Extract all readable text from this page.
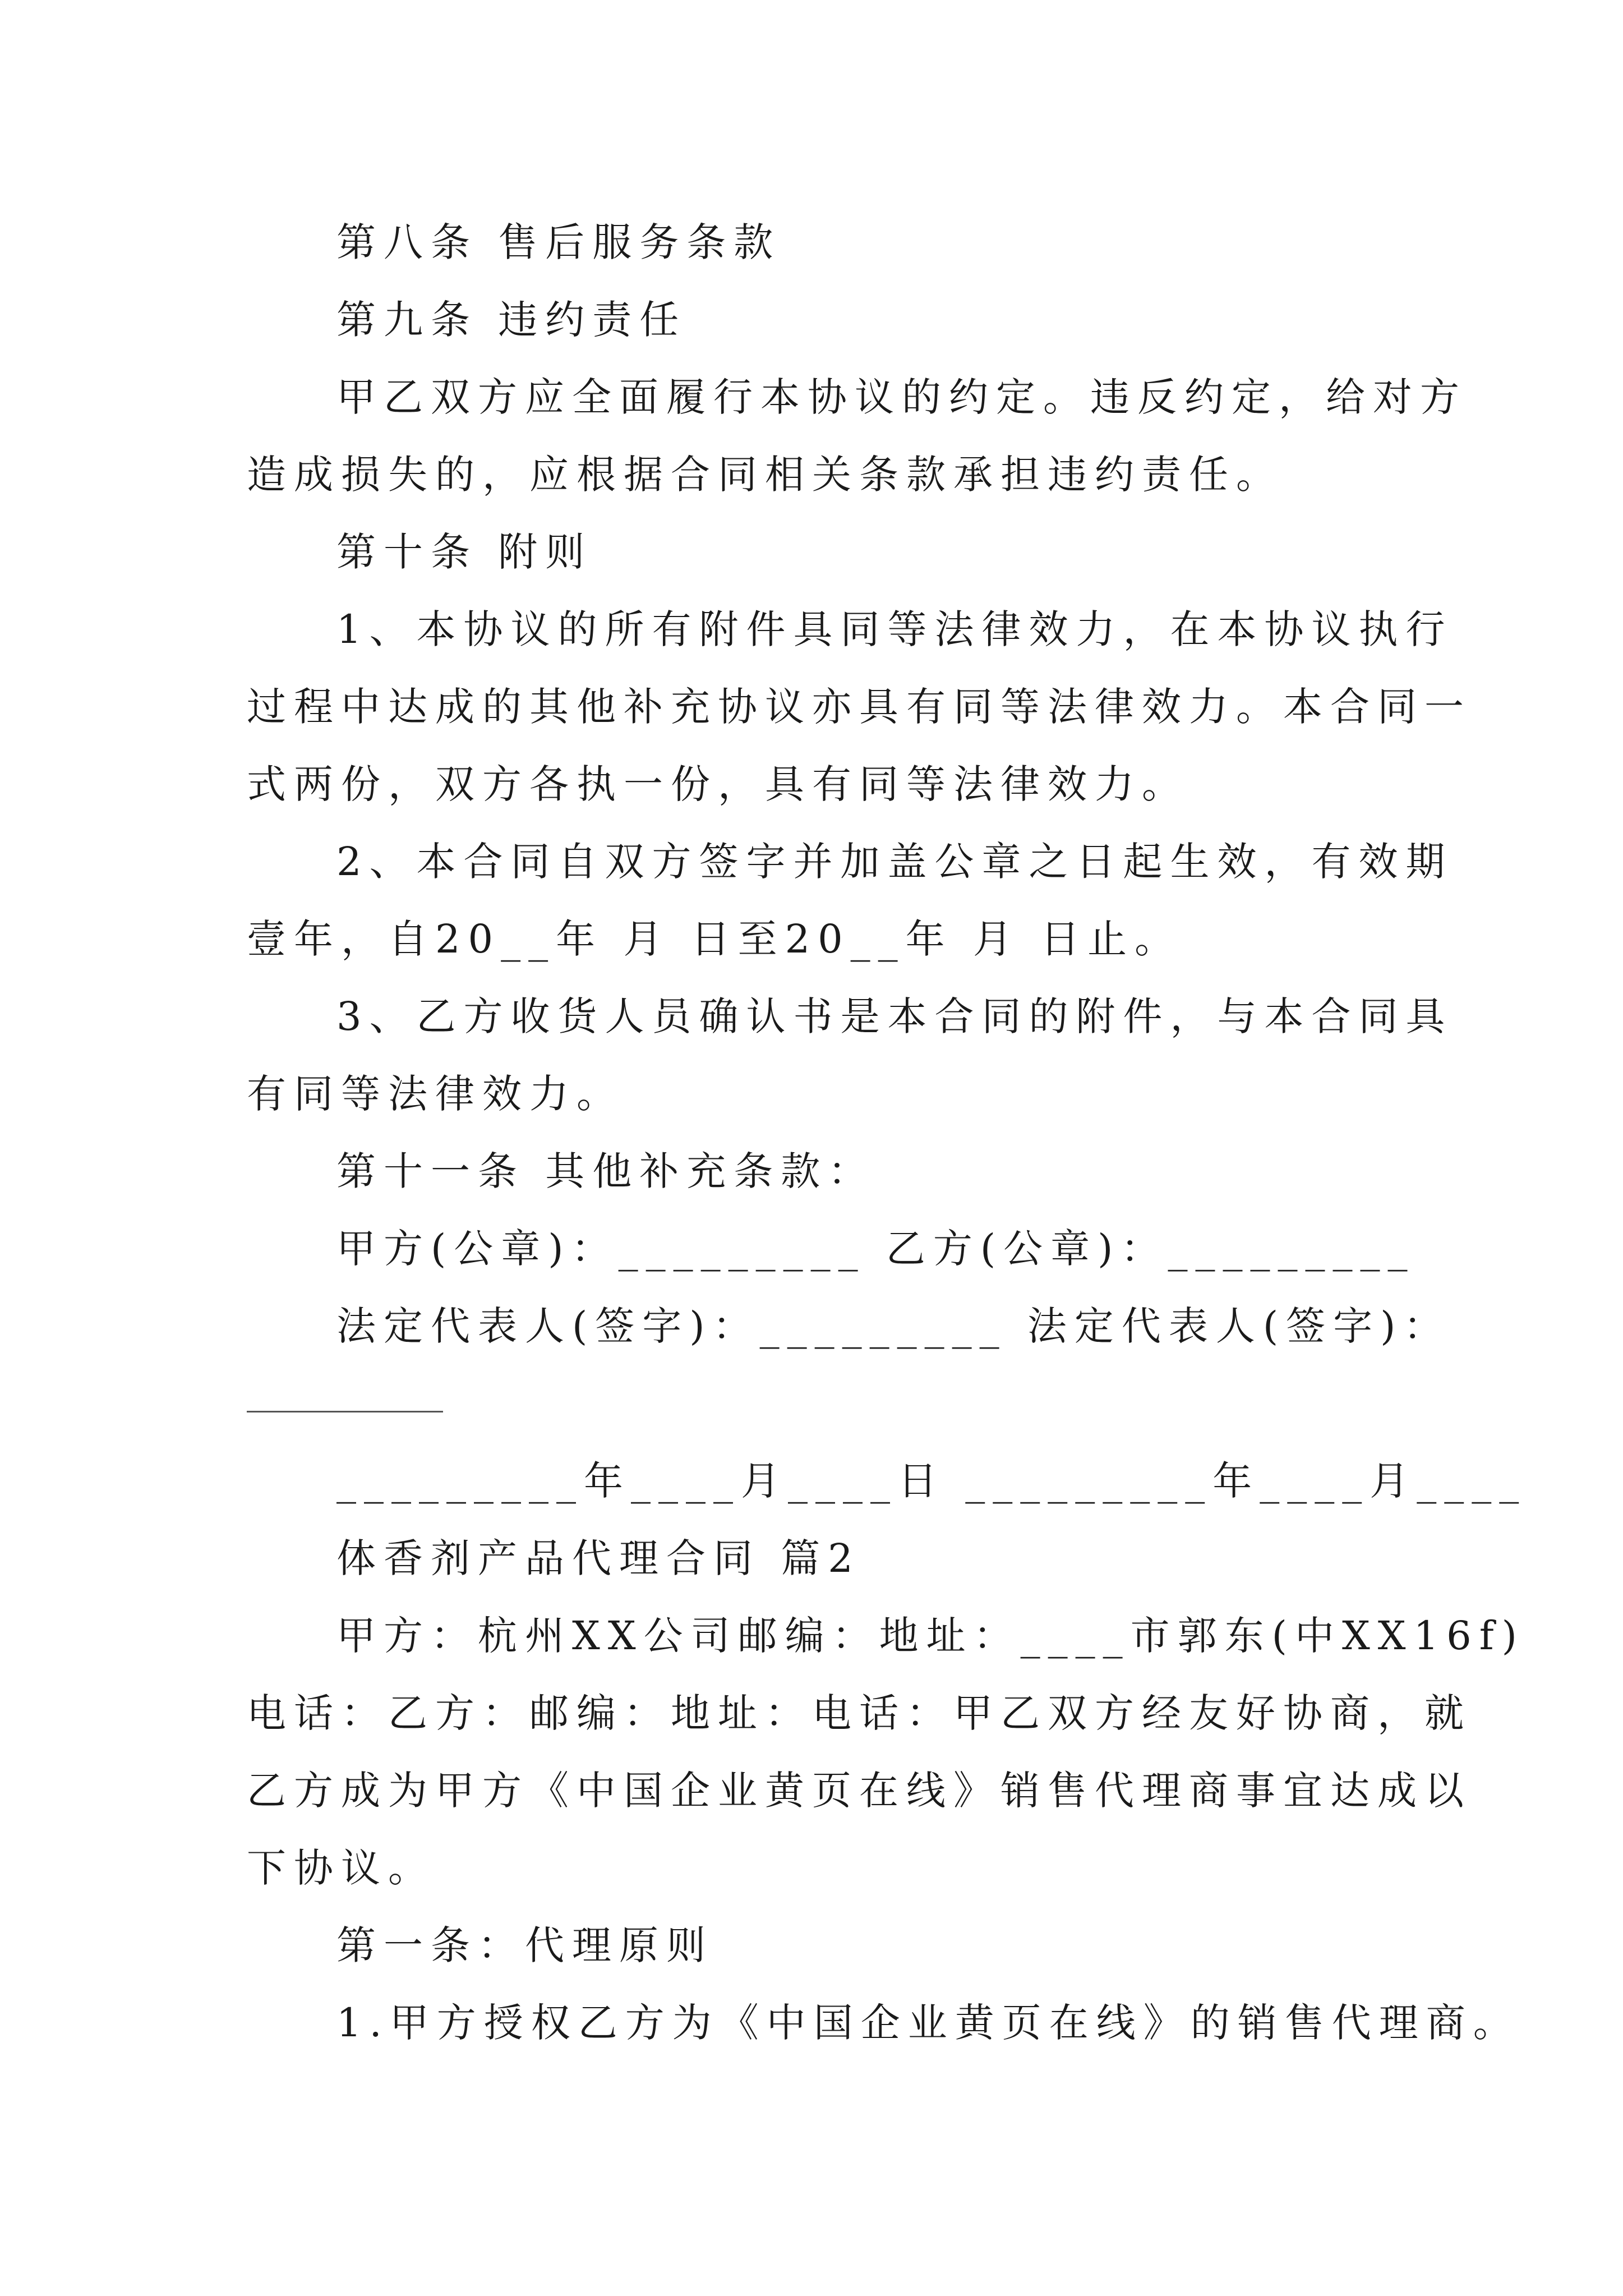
第八条 售后服务条款
第九条 违约责任
甲乙双方应全面履行本协议的约定。违反约定，给对方
造成损失的，应根据合同相关条款承担违约责任。
第十条 附则
1、本协议的所有附件具同等法律效力，在本协议执行
过程中达成的其他补充协议亦具有同等法律效力。本合同一
式两份，双方各执一份，具有同等法律效力。
2、本合同自双方签字并加盖公章之日起生效，有效期
壹年，自20__年 月 日至20__年 月 日止。
3、乙方收货人员确认书是本合同的附件，与本合同具
有同等法律效力。
第十一条 其他补充条款：
甲方(公章)：_________ 乙方(公章)：_________
法定代表人(签字)：_________ 法定代表人(签字)：
_________年____月____日 _________年____月____
体香剂产品代理合同 篇2
甲方：杭州XX公司邮编：地址：____市郭东(中XX16f)
电话：乙方：邮编：地址：电话：甲乙双方经友好协商，就
乙方成为甲方《中国企业黄页在线》销售代理商事宜达成以
下协议。
第一条：代理原则
1.甲方授权乙方为《中国企业黄页在线》的销售代理商。
